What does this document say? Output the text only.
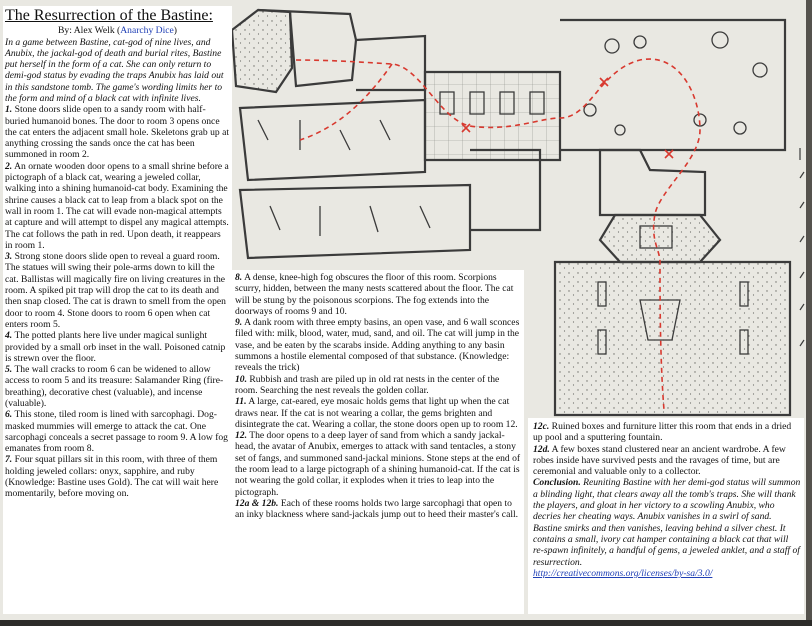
The Resurrection of the Bastine:
By: Alex Welk (Anarchy Dice)

In a game between Bastine, cat-god of nine lives, and Anubix, the jackal-god of death and burial rites, Bastine put herself in the form of a cat. She can only return to demi-god status by evading the traps Anubix has laid out in this sandstone tomb. The game's wording limits her to the form and mind of a black cat with infinite lives.

1. Stone doors slide open to a sandy room with half-buried humanoid bones. The door to room 3 opens once the cat enters the adjacent small hole. Skeletons grab up at anything crossing the sands once the cat has been summoned in room 2.

2. An ornate wooden door opens to a small shrine before a pictograph of a black cat, wearing a jeweled collar, walking into a shining humanoid-cat body. Examining the shrine causes a black cat to leap from a black spot on the wall in room 1. The cat will evade non-magical attempts at capture and will attempt to dispel any magical attempts. The cat follows the path in red. Upon death, it reappears in room 1.

3. Strong stone doors slide open to reveal a guard room. The statues will swing their pole-arms down to kill the cat. Ballistas will magically fire on living creatures in the room. A spiked pit trap will drop the cat to its death and then snap closed. The cat is drawn to smell from the open door to room 4. Stone doors to room 6 open when cat enters room 5.

4. The potted plants here live under magical sunlight provided by a small orb inset in the wall. Poisoned catnip is strewn over the floor.

5. The wall cracks to room 6 can be widened to allow access to room 5 and its treasure: Salamander Ring (fire-breathing), decorative chest (valuable), and incense (valuable).

6. This stone, tiled room is lined with sarcophagi. Dog-masked mummies will emerge to attack the cat. One sarcophagi conceals a secret passage to room 9. A low fog emanates from room 8.

7. Four squat pillars sit in this room, with three of them holding jeweled collars: onyx, sapphire, and ruby (Knowledge: Bastine uses Gold). The cat will wait here momentarily, before moving on.

8. A dense, knee-high fog obscures the floor of this room. Scorpions scurry, hidden, between the many nests scattered about the floor. The cat will be stung by the poisonous scorpions. The fog extends into the doorways of rooms 9 and 10.

9. A dank room with three empty basins, an open vase, and 6 wall sconces filed with: milk, blood, water, mud, sand, and oil. The cat will jump in the vase, and be eaten by the scarabs inside. Adding anything to any basin summons a hostile elemental composed of that substance. (Knowledge: reveals the trick)

10. Rubbish and trash are piled up in old rat nests in the center of the room. Searching the nest reveals the golden collar.

11. A large, cat-eared, eye mosaic holds gems that light up when the cat draws near. If the cat is not wearing a collar, the gems brighten and disintegrate the cat. Wearing a collar, the stone doors open up to room 12.

12. The door opens to a deep layer of sand from which a sandy jackal-head, the avatar of Anubix, emerges to attack with sand tentacles, a stony set of fangs, and summoned sand-jackal minions. Stone steps at the end of the room lead to a large pictograph of a shining humanoid-cat. If the cat is not wearing the gold collar, it explodes when it tries to leap into the pictograph.

12a & 12b. Each of these rooms holds two large sarcophagi that open to an inky blackness where sand-jackals jump out to heed their master's call.

12c. Ruined boxes and furniture litter this room that ends in a dried up pool and a sputtering fountain.

12d. A few boxes stand clustered near an ancient wardrobe. A few robes inside have survived pests and the ravages of time, but are ceremonial and valuable only to a collector.

Conclusion. Reuniting Bastine with her demi-god status will summon a blinding light, that clears away all the tomb's traps. She will thank the players, and gloat in her victory to a scowling Anubix, who decries her cheating ways. Anubix vanishes in a swirl of sand. Bastine smirks and then vanishes, leaving behind a silver chest. It contains a small, ivory cat hamper containing a black cat that will re-spawn infinitely, a handful of gems, a jeweled anklet, and a staff of resurrection.

http://creativecommons.org/licenses/by-sa/3.0/
